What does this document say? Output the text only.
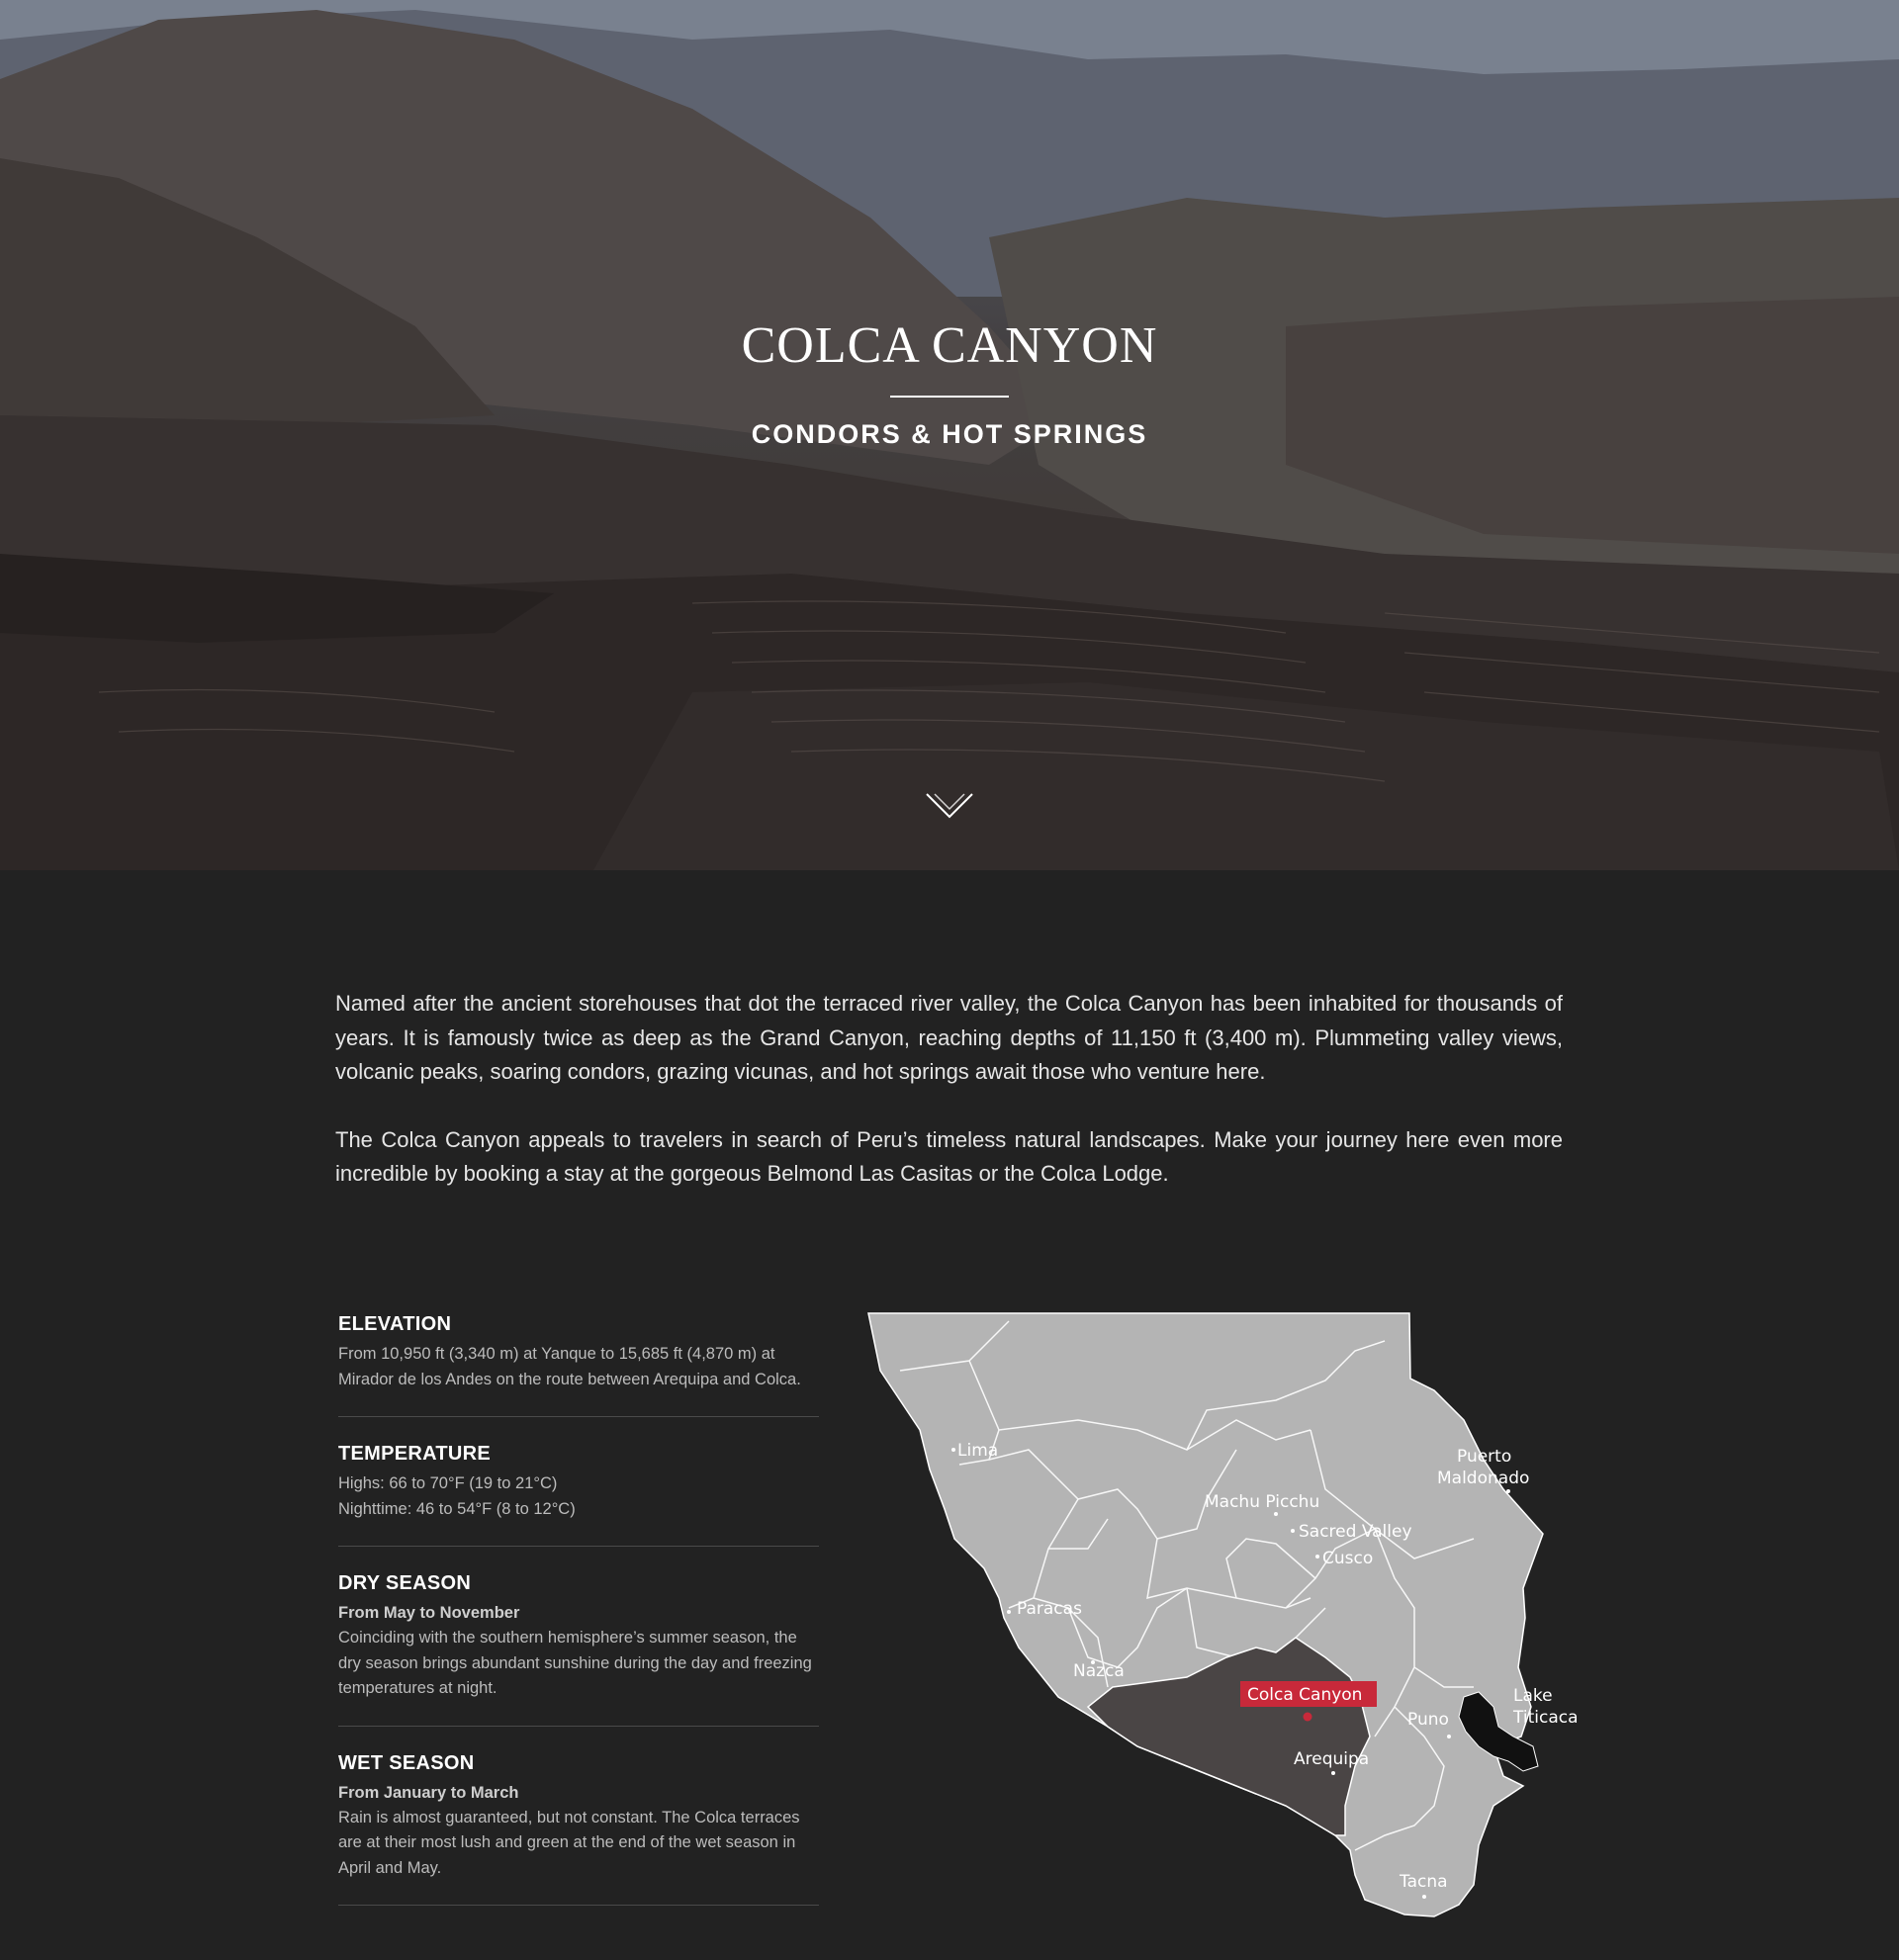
COLCA CANYON

CONDORS & HOT SPRINGS

Named after the ancient storehouses that dot the terraced river valley, the Colca Canyon has been inhabited for thousands of years. It is famously twice as deep as the Grand Canyon, reaching depths of 11,150 ft (3,400 m). Plummeting valley views, volcanic peaks, soaring condors, grazing vicunas, and hot springs await those who venture here.

The Colca Canyon appeals to travelers in search of Peru’s timeless natural landscapes. Make your journey here even more incredible by booking a stay at the gorgeous Belmond Las Casitas or the Colca Lodge.

ELEVATION

From 10,950 ft (3,340 m) at Yanque to 15,685 ft (4,870 m) at Mirador de los Andes on the route between Arequipa and Colca.

TEMPERATURE

Highs: 66 to 70°F (19 to 21°C)

Nighttime: 46 to 54°F (8 to 12°C)

DRY SEASON

From May to November

Coinciding with the southern hemisphere’s summer season, the dry season brings abundant sunshine during the day and freezing temperatures at night.

WET SEASON

From January to March

Rain is almost guaranteed, but not constant. The Colca terraces are at their most lush and green at the end of the wet season in April and May.

Lima	Puerto
Maldonado
Machu Picchu
Sacred Valley
Cusco
Paracas
Nazca
Colca Canyon
Puno
Lake
Titicaca
Arequipa
Tacna
